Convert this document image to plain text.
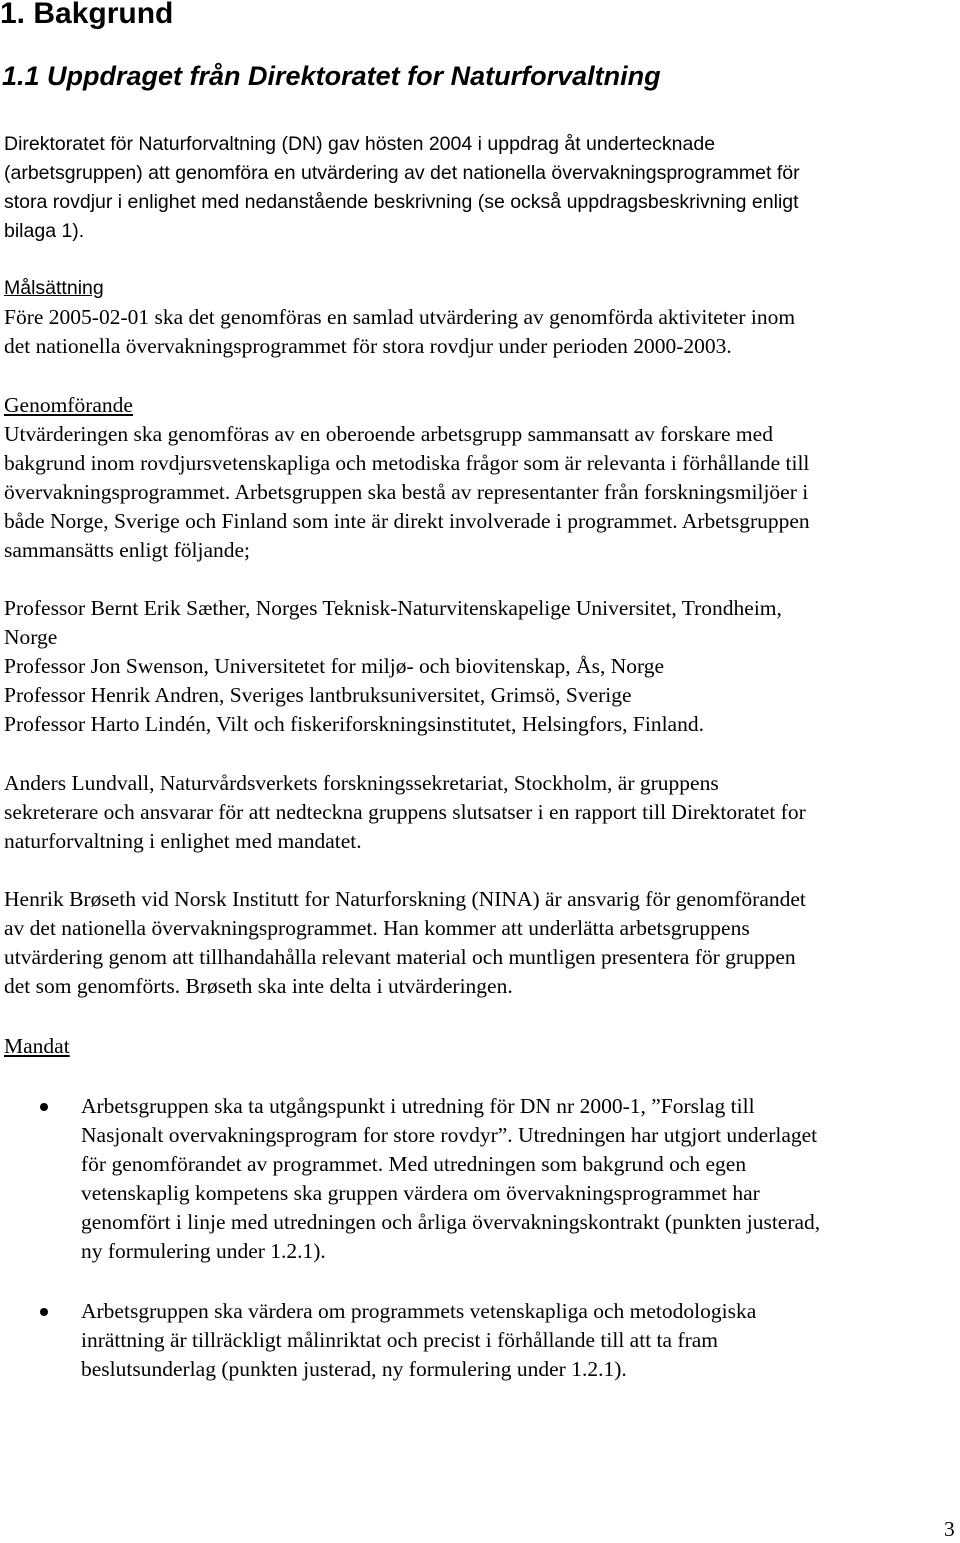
1. Bakgrund
1.1 Uppdraget från Direktoratet for Naturforvaltning

Direktoratet för Naturforvaltning (DN) gav hösten 2004 i uppdrag åt undertecknade
(arbetsgruppen) att genomföra en utvärdering av det nationella övervakningsprogrammet för
stora rovdjur i enlighet med nedanstående beskrivning (se också uppdragsbeskrivning enligt
bilaga 1).

Målsättning

Före 2005-02-01 ska det genomföras en samlad utvärdering av genomförda aktiviteter inom
det nationella övervakningsprogrammet för stora rovdjur under perioden 2000-2003.

Genomförande
Utvärderingen ska genomföras av en oberoende arbetsgrupp sammansatt av forskare med
bakgrund inom rovdjursvetenskapliga och metodiska frågor som är relevanta i förhållande till
övervakningsprogrammet. Arbetsgruppen ska bestå av representanter från forskningsmiljöer i
både Norge, Sverige och Finland som inte är direkt involverade i programmet. Arbetsgruppen
sammansätts enligt följande;

Professor Bernt Erik Sæther, Norges Teknisk-Naturvitenskapelige Universitet, Trondheim,
Norge
Professor Jon Swenson, Universitetet for miljø- och biovitenskap, Ås, Norge
Professor Henrik Andren, Sveriges lantbruksuniversitet, Grimsö, Sverige
Professor Harto Lindén, Vilt och fiskeriforskningsinstitutet, Helsingfors, Finland.

Anders Lundvall, Naturvårdsverkets forskningssekretariat, Stockholm, är gruppens
sekreterare och ansvarar för att nedteckna gruppens slutsatser i en rapport till Direktoratet for
naturforvaltning i enlighet med mandatet.

Henrik Brøseth vid Norsk Institutt for Naturforskning (NINA) är ansvarig för genomförandet
av det nationella övervakningsprogrammet. Han kommer att underlätta arbetsgruppens
utvärdering genom att tillhandahålla relevant material och muntligen presentera för gruppen
det som genomförts. Brøseth ska inte delta i utvärderingen.

Mandat

Arbetsgruppen ska ta utgångspunkt i utredning för DN nr 2000-1, ”Forslag till
Nasjonalt overvakningsprogram for store rovdyr”. Utredningen har utgjort underlaget
för genomförandet av programmet. Med utredningen som bakgrund och egen
vetenskaplig kompetens ska gruppen värdera om övervakningsprogrammet har
genomfört i linje med utredningen och årliga övervakningskontrakt (punkten justerad,
ny formulering under 1.2.1).
Arbetsgruppen ska värdera om programmets vetenskapliga och metodologiska
inrättning är tillräckligt målinriktat och precist i förhållande till att ta fram
beslutsunderlag (punkten justerad, ny formulering under 1.2.1).
3
